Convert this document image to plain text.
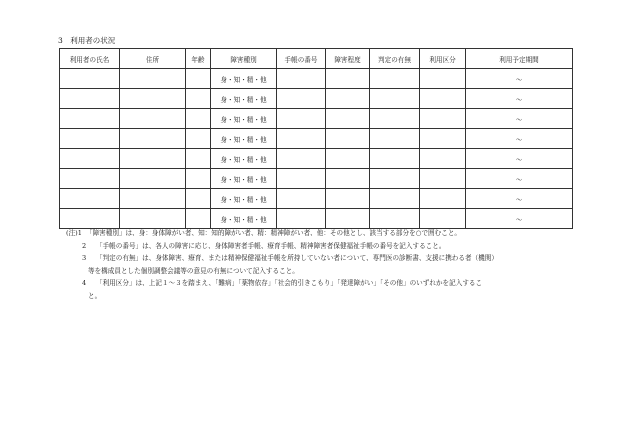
3　利用者の状況
利用者の氏名	住所	年齢	障害種別	手帳の番号	障害程度	判定の有無	利用区分	利用予定期間
			身・知・精・他					～
			身・知・精・他					～
			身・知・精・他					～
			身・知・精・他					～
			身・知・精・他					～
			身・知・精・他					～
			身・知・精・他					～
			身・知・精・他					～
(注)1 「障害種別」は、身：身体障がい者、知：知的障がい者、精：精神障がい者、他：その他とし、該当する部分を○で囲むこと。
2 「手帳の番号」は、各人の障害に応じ、身体障害者手帳、療育手帳、精神障害者保健福祉手帳の番号を記入すること。
3 「判定の有無」は、身体障害、療育、または精神保健福祉手帳を所持していない者について、専門医の診断書、支援に携わる者（機関）
等を構成員とした個別調整会議等の意見の有無について記入すること。
4 「利用区分」は、上記１～３を踏まえ、「難病」「薬物依存」「社会的引きこもり」「発達障がい」「その他」のいずれかを記入するこ
と。
